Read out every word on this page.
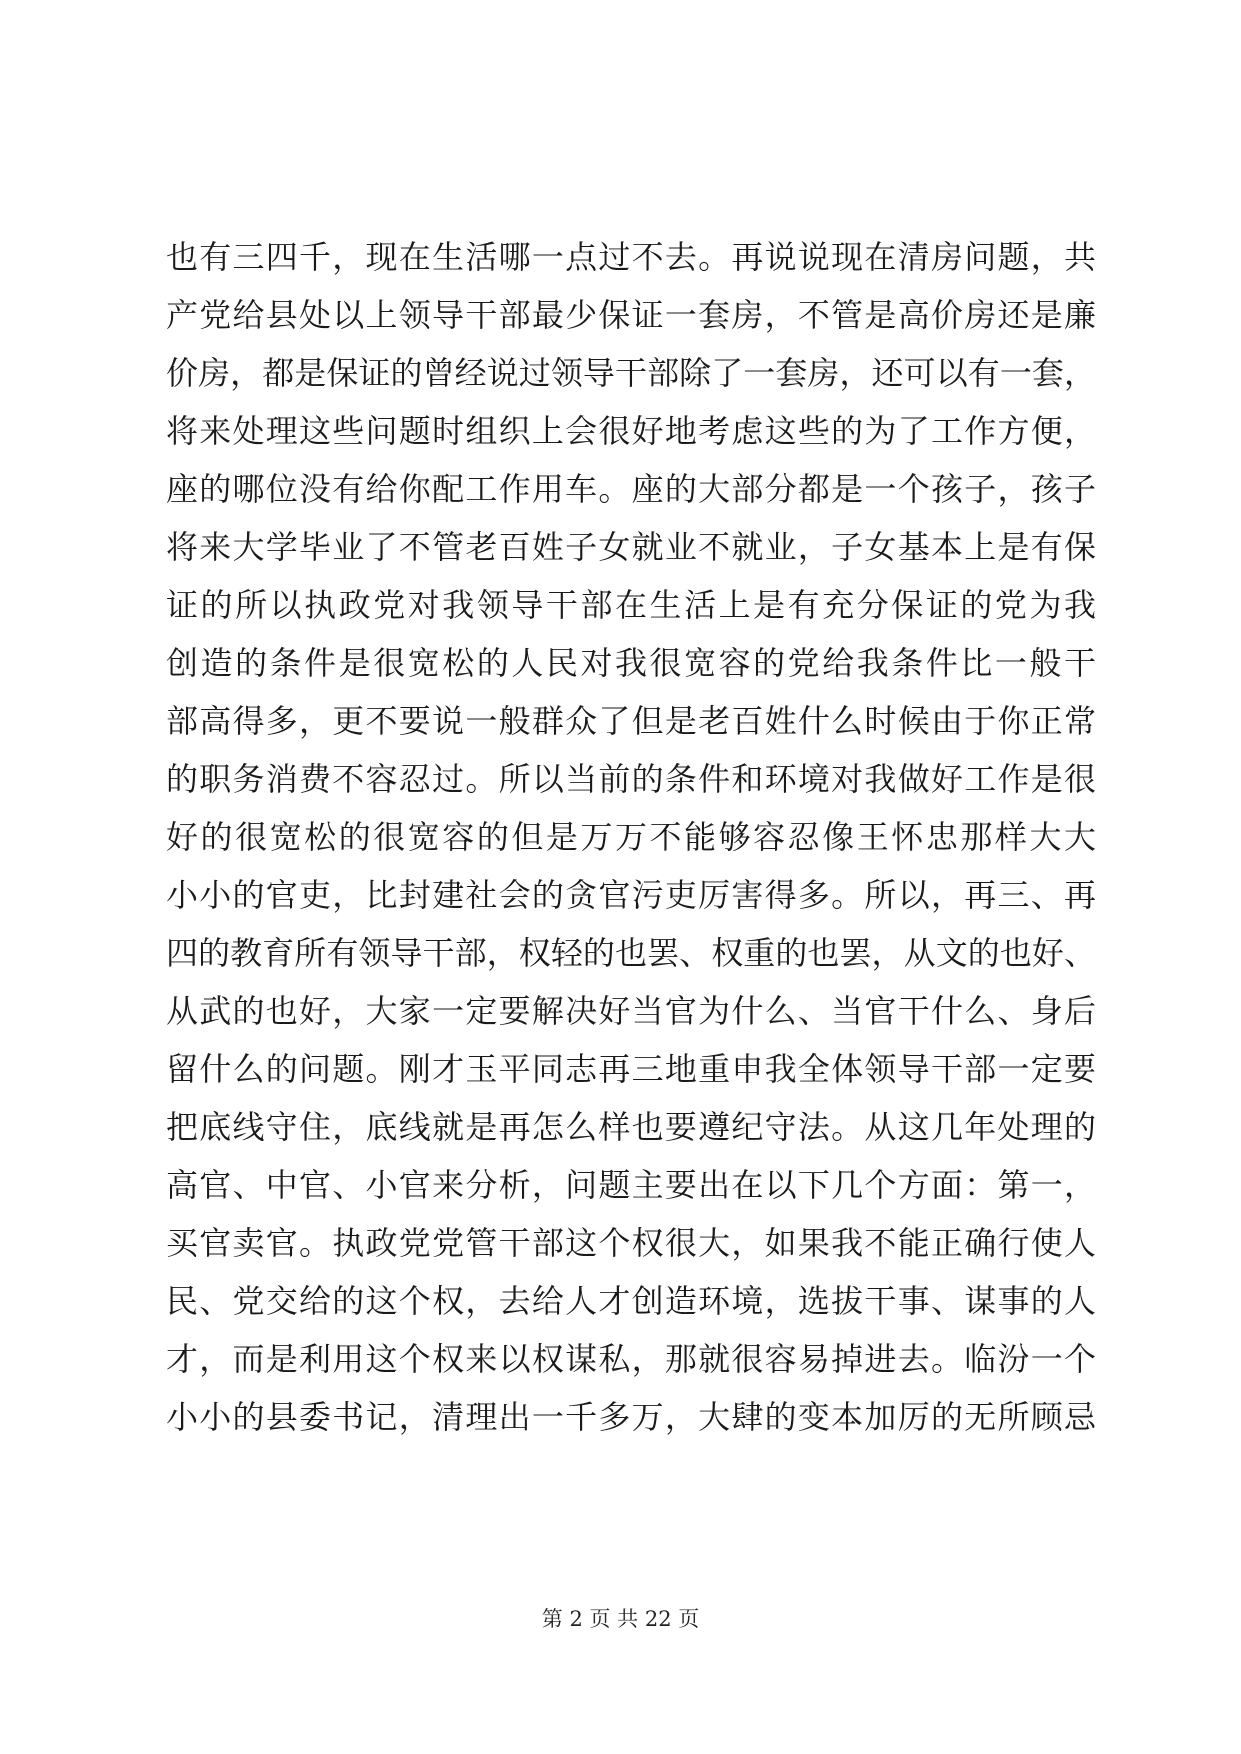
也有三四千，现在生活哪一点过不去。再说说现在清房问题，共
产党给县处以上领导干部最少保证一套房，不管是高价房还是廉
价房，都是保证的曾经说过领导干部除了一套房，还可以有一套，
将来处理这些问题时组织上会很好地考虑这些的为了工作方便，
座的哪位没有给你配工作用车。座的大部分都是一个孩子，孩子
将来大学毕业了不管老百姓子女就业不就业，子女基本上是有保
证的所以执政党对我领导干部在生活上是有充分保证的党为我
创造的条件是很宽松的人民对我很宽容的党给我条件比一般干
部高得多，更不要说一般群众了但是老百姓什么时候由于你正常
的职务消费不容忍过。所以当前的条件和环境对我做好工作是很
好的很宽松的很宽容的但是万万不能够容忍像王怀忠那样大大
小小的官吏，比封建社会的贪官污吏厉害得多。所以，再三、再
四的教育所有领导干部，权轻的也罢、权重的也罢，从文的也好、
从武的也好，大家一定要解决好当官为什么、当官干什么、身后
留什么的问题。刚才玉平同志再三地重申我全体领导干部一定要
把底线守住，底线就是再怎么样也要遵纪守法。从这几年处理的
高官、中官、小官来分析，问题主要出在以下几个方面：第一，
买官卖官。执政党党管干部这个权很大，如果我不能正确行使人
民、党交给的这个权，去给人才创造环境，选拔干事、谋事的人
才，而是利用这个权来以权谋私，那就很容易掉进去。临汾一个
小小的县委书记，清理出一千多万，大肆的变本加厉的无所顾忌
第 2 页 共 22 页
